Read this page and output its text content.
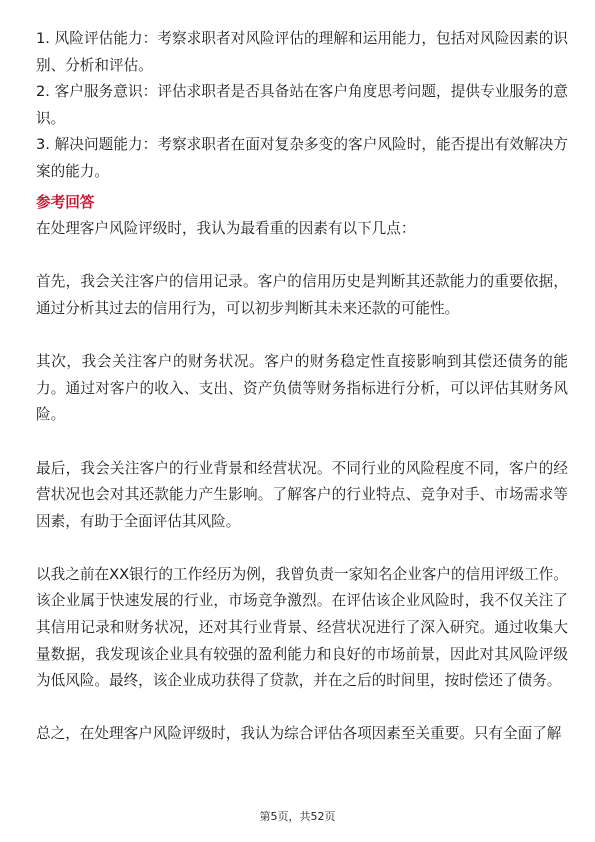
1. 风险评估能力：考察求职者对风险评估的理解和运用能力，包括对风险因素的识别、分析和评估。

2. 客户服务意识：评估求职者是否具备站在客户角度思考问题，提供专业服务的意识。

3. 解决问题能力：考察求职者在面对复杂多变的客户风险时，能否提出有效解决方案的能力。

参考回答

在处理客户风险评级时，我认为最看重的因素有以下几点：

首先，我会关注客户的信用记录。客户的信用历史是判断其还款能力的重要依据，通过分析其过去的信用行为，可以初步判断其未来还款的可能性。

其次，我会关注客户的财务状况。客户的财务稳定性直接影响到其偿还债务的能力。通过对客户的收入、支出、资产负债等财务指标进行分析，可以评估其财务风险。

最后，我会关注客户的行业背景和经营状况。不同行业的风险程度不同，客户的经营状况也会对其还款能力产生影响。了解客户的行业特点、竞争对手、市场需求等因素，有助于全面评估其风险。

以我之前在XX银行的工作经历为例，我曾负责一家知名企业客户的信用评级工作。该企业属于快速发展的行业，市场竞争激烈。在评估该企业风险时，我不仅关注了其信用记录和财务状况，还对其行业背景、经营状况进行了深入研究。通过收集大量数据，我发现该企业具有较强的盈利能力和良好的市场前景，因此对其风险评级为低风险。最终，该企业成功获得了贷款，并在之后的时间里，按时偿还了债务。

总之，在处理客户风险评级时，我认为综合评估各项因素至关重要。只有全面了解

第5页，共52页
